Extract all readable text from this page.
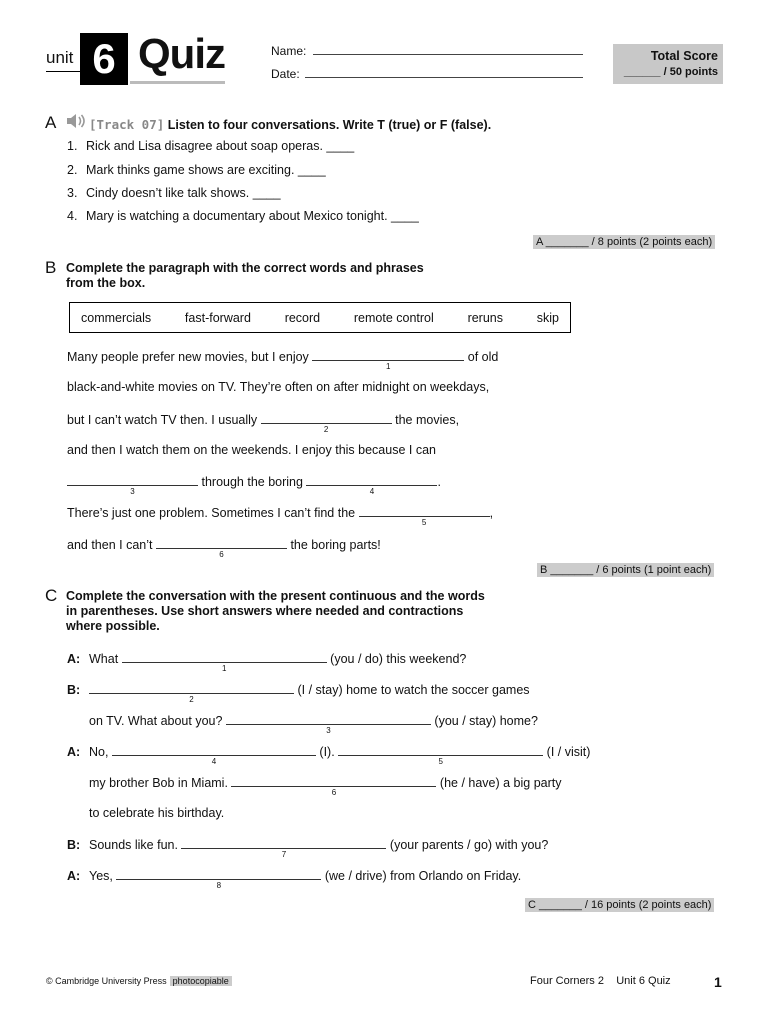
unit 6 Quiz	Name:
Date:
Total Score
______ / 50 points
A	[Track 07] Listen to four conversations. Write T (true) or F (false).
1. Rick and Lisa disagree about soap operas. ____
2. Mark thinks game shows are exciting. ____
3. Cindy doesn’t like talk shows. ____
4. Mary is watching a documentary about Mexico tonight. ____
A _______ / 8 points (2 points each)
B Complete the paragraph with the correct words and phrases
from the box.
commercials	fast-forward	record	remote control	reruns	skip
Many people prefer new movies, but I enjoy
1
of old
black-and-white movies on TV. They’re often on after midnight on weekdays,
but I can’t watch TV then. I usually
2
the movies,
and then I watch them on the weekends. I enjoy this because I can
3
through the boring
4
.
There’s just one problem. Sometimes I can’t find the
5
,
and then I can’t
6
the boring parts!
B _______ / 6 points (1 point each)
C Complete the conversation with the present continuous and the words
in parentheses. Use short answers where needed and contractions
where possible.
A: What
1
(you / do) this weekend?
B:
2
(I / stay) home to watch the soccer games
on TV. What about you?
3
(you / stay) home?
A: No,
4
(I).
5
(I / visit)
my brother Bob in Miami.
6
(he / have) a big party
to celebrate his birthday.
B: Sounds like fun.
7
(your parents / go) with you?
A: Yes,
8
(we / drive) from Orlando on Friday.
C _______ / 16 points (2 points each)
© Cambridge University Press photocopiable	Four Corners 2 Unit 6 Quiz	1
